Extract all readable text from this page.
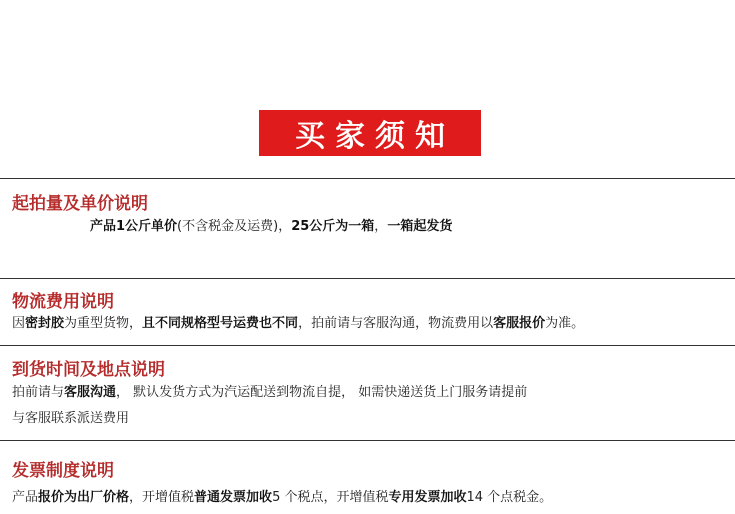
买家须知
起拍量及单价说明
产品1公斤单价(不含税金及运费)，25公斤为一箱，一箱起发货
物流费用说明
因密封胶为重型货物，且不同规格型号运费也不同，拍前请与客服沟通，物流费用以客服报价为准。
到货时间及地点说明
拍前请与客服沟通， 默认发货方式为汽运配送到物流自提， 如需快递送货上门服务请提前
与客服联系派送费用
发票制度说明
产品报价为出厂价格，开增值税普通发票加收5 个税点，开增值税专用发票加收14 个点税金。
